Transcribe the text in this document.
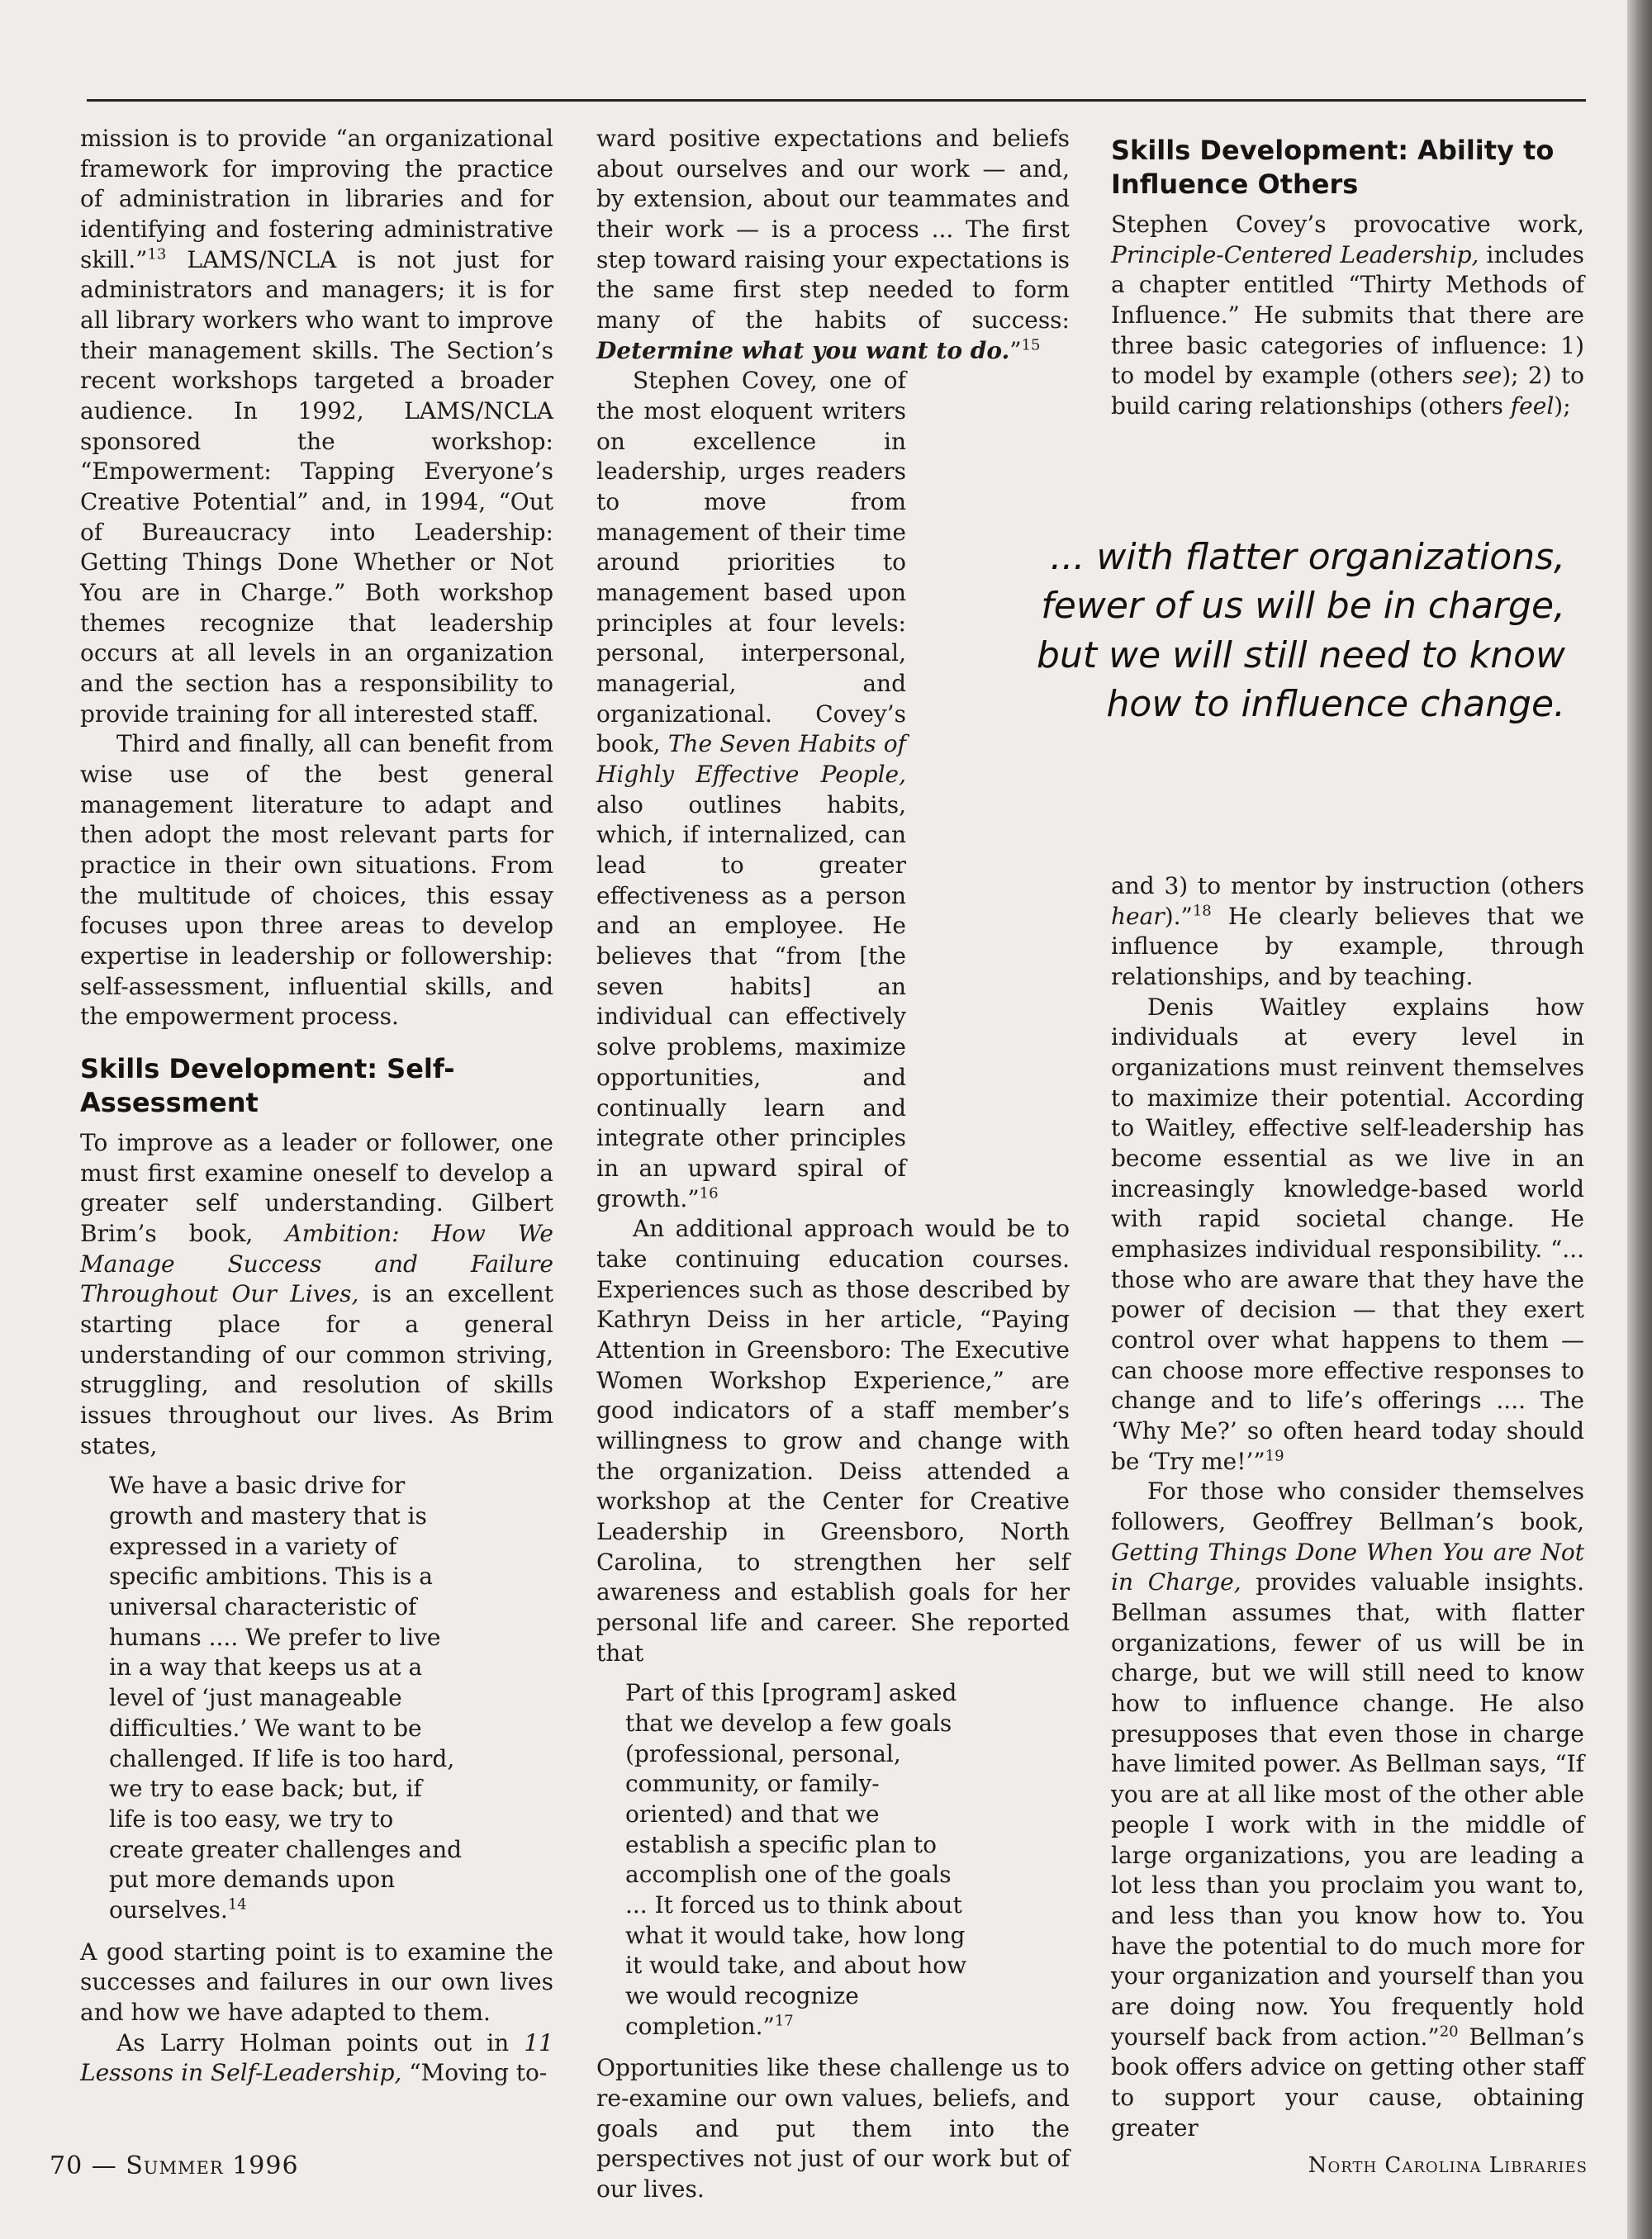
mission is to provide “an organizational framework for improving the practice of administration in libraries and for identifying and fostering administrative skill.”$^{13}$ LAMS/NCLA is not just for administrators and managers; it is for all library workers who want to improve their management skills. The Section’s recent workshops targeted a broader audience. In 1992, LAMS/NCLA sponsored the workshop: “Empowerment: Tapping Everyone’s Creative Potential” and, in 1994, “Out of Bureaucracy into Leadership: Getting Things Done Whether or Not You are in Charge.” Both workshop themes recognize that leadership occurs at all levels in an organization and the section has a responsibility to provide training for all interested staff.

Third and finally, all can benefit from wise use of the best general management literature to adapt and then adopt the most relevant parts for practice in their own situations. From the multitude of choices, this essay focuses upon three areas to develop expertise in leadership or followership: self-assessment, influential skills, and the empowerment process.

Skills Development: Self-Assessment

To improve as a leader or follower, one must first examine oneself to develop a greater self understanding. Gilbert Brim’s book, Ambition: How We Manage Success and Failure Throughout Our Lives, is an excellent starting place for a general understanding of our common striving, struggling, and resolution of skills issues throughout our lives. As Brim states,

We have a basic drive for growth and mastery that is expressed in a variety of specific ambitions. This is a universal characteristic of humans .... We prefer to live in a way that keeps us at a level of ‘just manageable difficulties.’ We want to be challenged. If life is too hard, we try to ease back; but, if life is too easy, we try to create greater challenges and put more demands upon ourselves.$^{14}$

A good starting point is to examine the successes and failures in our own lives and how we have adapted to them.

As Larry Holman points out in 11 Lessons in Self-Leadership, “Moving to-

ward positive expectations and beliefs about ourselves and our work — and, by extension, about our teammates and their work — is a process ... The first step toward raising your expectations is the same first step needed to form many of the habits of success: Determine what you want to do.”$^{15}$

Stephen Covey, one of the most eloquent writers on excellence in leadership, urges readers to move from management of their time around priorities to management based upon principles at four levels: personal, interpersonal, managerial, and organizational. Covey’s book, The Seven Habits of Highly Effective People, also outlines habits, which, if internalized, can lead to greater effectiveness as a person and an employee. He believes that “from [the seven habits] an individual can effectively solve problems, maximize opportunities, and continually learn and integrate other principles in an upward spiral of growth.”$^{16}$

An additional approach would be to take continuing education courses. Experiences such as those described by Kathryn Deiss in her article, “Paying Attention in Greensboro: The Executive Women Workshop Experience,” are good indicators of a staff member’s willingness to grow and change with the organization. Deiss attended a workshop at the Center for Creative Leadership in Greensboro, North Carolina, to strengthen her self awareness and establish goals for her personal life and career. She reported that

Part of this [program] asked that we develop a few goals (professional, personal, community, or family-oriented) and that we establish a specific plan to accomplish one of the goals ... It forced us to think about what it would take, how long it would take, and about how we would recognize completion.”$^{17}$

Opportunities like these challenge us to re-examine our own values, beliefs, and goals and put them into the perspectives not just of our work but of our lives.

Skills Development: Ability to Influence Others

Stephen Covey’s provocative work, Principle-Centered Leadership, includes a chapter entitled “Thirty Methods of Influence.” He submits that there are three basic categories of influence: 1) to model by example (others see); 2) to build caring relationships (others feel);

... with flatter organizations, fewer of us will be in charge, but we will still need to know how to influence change.

and 3) to mentor by instruction (others hear).”$^{18}$ He clearly believes that we influence by example, through relationships, and by teaching.

Denis Waitley explains how individuals at every level in organizations must reinvent themselves to maximize their potential. According to Waitley, effective self-leadership has become essential as we live in an increasingly knowledge-based world with rapid societal change. He emphasizes individual responsibility. “... those who are aware that they have the power of decision — that they exert control over what happens to them — can choose more effective responses to change and to life’s offerings .... The ‘Why Me?’ so often heard today should be ‘Try me!’”$^{19}$

For those who consider themselves followers, Geoffrey Bellman’s book, Getting Things Done When You are Not in Charge, provides valuable insights. Bellman assumes that, with flatter organizations, fewer of us will be in charge, but we will still need to know how to influence change. He also presupposes that even those in charge have limited power. As Bellman says, “If you are at all like most of the other able people I work with in the middle of large organizations, you are leading a lot less than you proclaim you want to, and less than you know how to. You have the potential to do much more for your organization and yourself than you are doing now. You frequently hold yourself back from action.”$^{20}$ Bellman’s book offers advice on getting other staff to support your cause, obtaining greater

70 — Summer 1996	North Carolina Libraries
